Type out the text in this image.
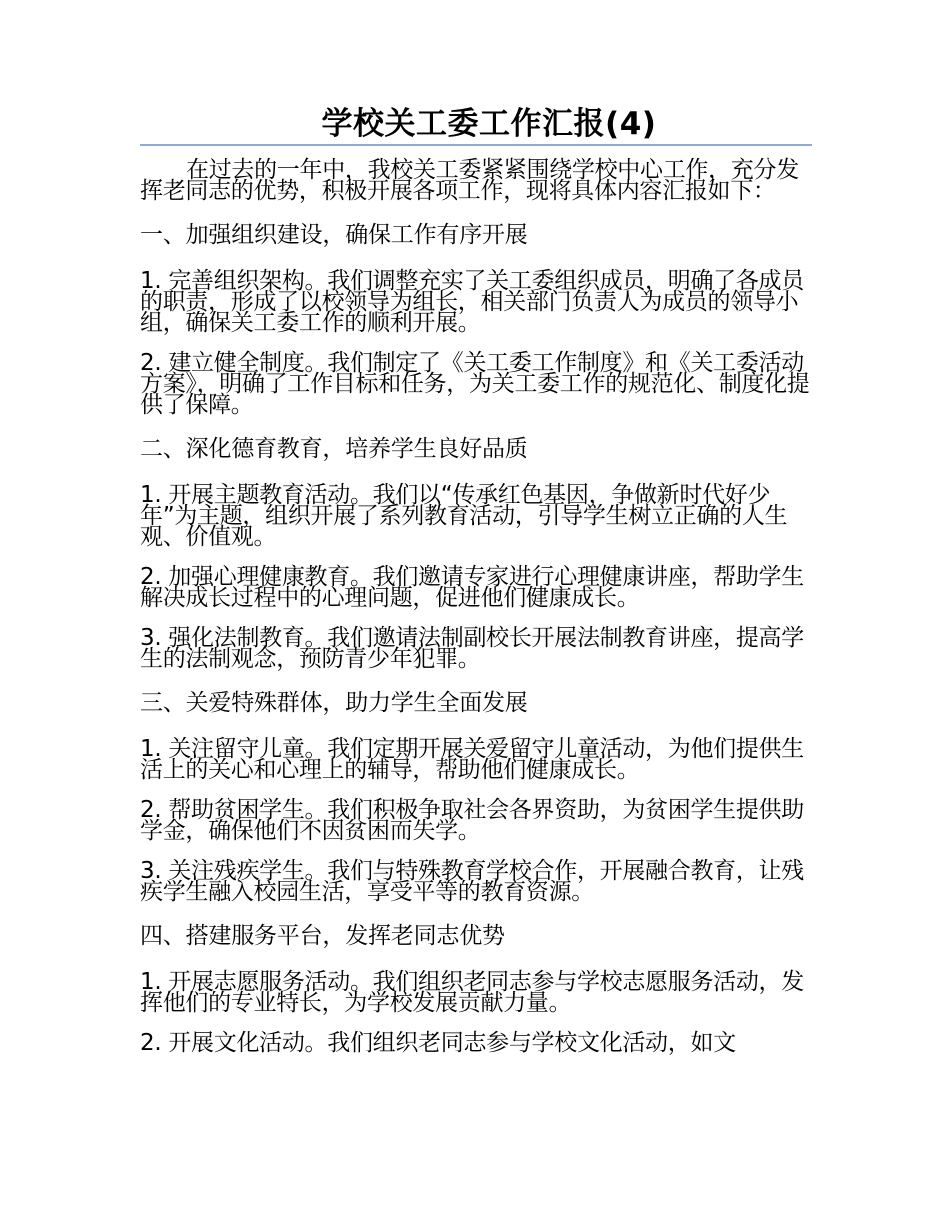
学校关工委工作汇报(4)

在过去的一年中，我校关工委紧紧围绕学校中心工作，充分发挥老同志的优势，积极开展各项工作，现将具体内容汇报如下：

一、加强组织建设，确保工作有序开展

1. 完善组织架构。我们调整充实了关工委组织成员，明确了各成员的职责，形成了以校领导为组长，相关部门负责人为成员的领导小组，确保关工委工作的顺利开展。

2. 建立健全制度。我们制定了《关工委工作制度》和《关工委活动方案》，明确了工作目标和任务，为关工委工作的规范化、制度化提供了保障。

二、深化德育教育，培养学生良好品质

1. 开展主题教育活动。我们以“传承红色基因，争做新时代好少年”为主题，组织开展了系列教育活动，引导学生树立正确的人生观、价值观。

2. 加强心理健康教育。我们邀请专家进行心理健康讲座，帮助学生解决成长过程中的心理问题，促进他们健康成长。

3. 强化法制教育。我们邀请法制副校长开展法制教育讲座，提高学生的法制观念，预防青少年犯罪。

三、关爱特殊群体，助力学生全面发展

1. 关注留守儿童。我们定期开展关爱留守儿童活动，为他们提供生活上的关心和心理上的辅导，帮助他们健康成长。

2. 帮助贫困学生。我们积极争取社会各界资助，为贫困学生提供助学金，确保他们不因贫困而失学。

3. 关注残疾学生。我们与特殊教育学校合作，开展融合教育，让残疾学生融入校园生活，享受平等的教育资源。

四、搭建服务平台，发挥老同志优势

1. 开展志愿服务活动。我们组织老同志参与学校志愿服务活动，发挥他们的专业特长，为学校发展贡献力量。

2. 开展文化活动。我们组织老同志参与学校文化活动，如文
